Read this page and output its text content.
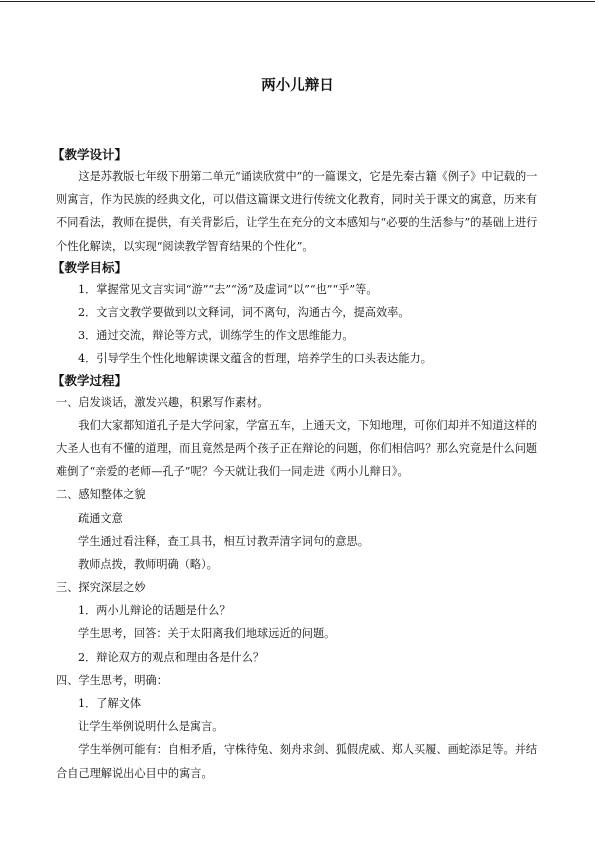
两小儿辩日
【教学设计】
这是苏教版七年级下册第二单元“诵读欣赏中”的一篇课文，它是先秦古籍《例子》中记载的一则寓言，作为民族的经典文化，可以借这篇课文进行传统文化教育，同时关于课文的寓意，历来有不同看法，教师在提供，有关背影后，让学生在充分的文本感知与“必要的生活参与”的基础上进行个性化解读，以实现“阅读教学智育结果的个性化”。
【教学目标】
1．掌握常见文言实词“游”“去”“汤”及虚词“以”“也”“乎”等。
2．文言文教学要做到以文释词，词不离句，沟通古今，提高效率。
3．通过交流，辩论等方式，训练学生的作文思维能力。
4．引导学生个性化地解读课文蕴含的哲理，培养学生的口头表达能力。
【教学过程】
一、启发谈话，激发兴趣，积累写作素材。
我们大家都知道孔子是大学问家，学富五车，上通天文，下知地理，可你们却并不知道这样的大圣人也有不懂的道理，而且竟然是两个孩子正在辩论的问题，你们相信吗？那么究竟是什么问题难倒了“亲爱的老师—孔子”呢？今天就让我们一同走进《两小儿辩日》。
二、感知整体之貌
疏通文意
学生通过看注释，查工具书，相互讨教弄清字词句的意思。
教师点拨，教师明确（略）。
三、探究深层之妙
1．两小儿辩论的话题是什么？
学生思考，回答：关于太阳离我们地球远近的问题。
2．辩论双方的观点和理由各是什么？
四、学生思考，明确：
1．了解文体
让学生举例说明什么是寓言。
学生举例可能有：自相矛盾，守株待兔、刻舟求剑、狐假虎威、郑人买履、画蛇添足等。并结合自己理解说出心目中的寓言。
